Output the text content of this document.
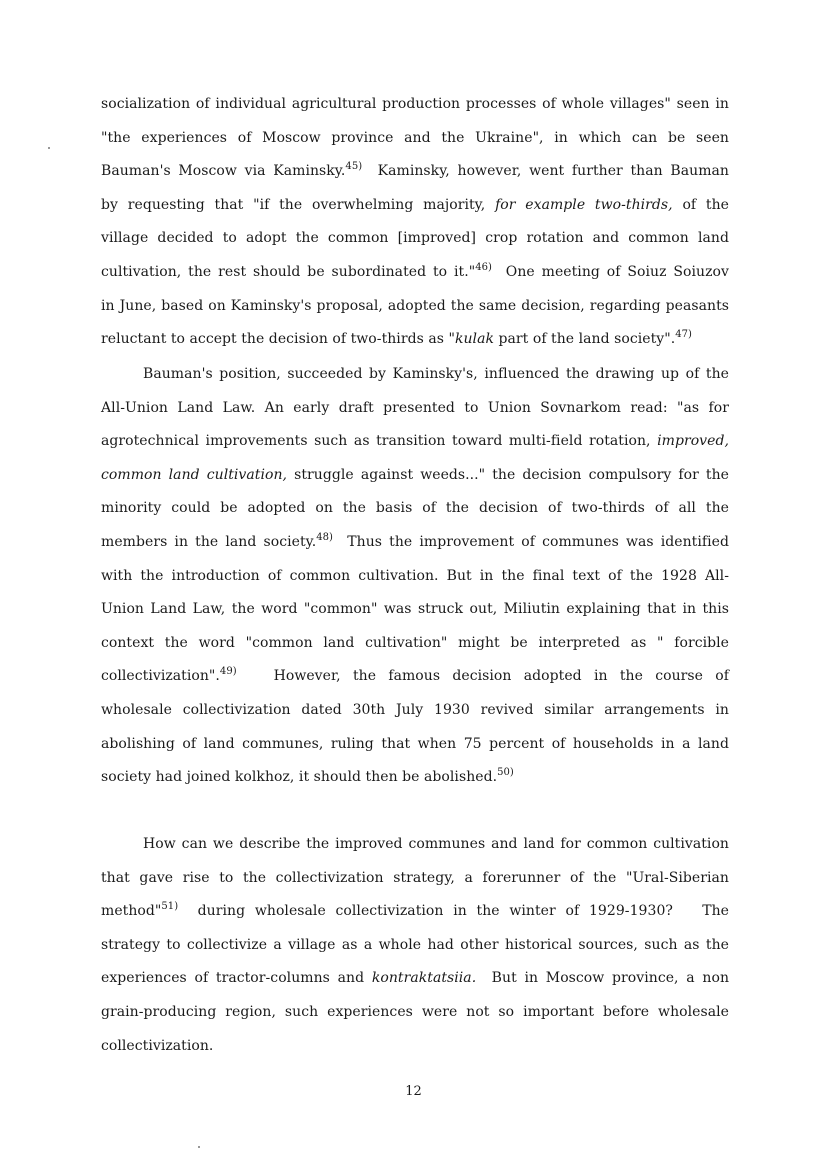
socialization of individual agricultural production processes of whole villages" seen in
"the experiences of Moscow province and the Ukraine", in which can be seen
Bauman's Moscow via Kaminsky.$^{45)}$  Kaminsky, however, went further than Bauman
by requesting that "if the overwhelming majority, for example two-thirds, of the
village decided to adopt the common [improved] crop rotation and common land
cultivation, the rest should be subordinated to it."$^{46)}$  One meeting of Soiuz Soiuzov
in June, based on Kaminsky's proposal, adopted the same decision, regarding peasants
reluctant to accept the decision of two-thirds as "kulak part of the land society".$^{47)}$
Bauman's position, succeeded by Kaminsky's, influenced the drawing up of the
All-Union Land Law. An early draft presented to Union Sovnarkom read: "as for
agrotechnical improvements such as transition toward multi-field rotation, improved,
common land cultivation, struggle against weeds..." the decision compulsory for the
minority could be adopted on the basis of the decision of two-thirds of all the
members in the land society.$^{48)}$  Thus the improvement of communes was identified
with the introduction of common cultivation. But in the final text of the 1928 All-
Union Land Law, the word "common" was struck out, Miliutin explaining that in this
context the word "common land cultivation" might be interpreted as " forcible
collectivization".$^{49)}$   However, the famous decision adopted in the course of
wholesale collectivization dated 30th July 1930 revived similar arrangements in
abolishing of land communes, ruling that when 75 percent of households in a land
society had joined kolkhoz, it should then be abolished.$^{50)}$
How can we describe the improved communes and land for common cultivation
that gave rise to the collectivization strategy, a forerunner of the "Ural-Siberian
method"$^{51)}$  during wholesale collectivization in the winter of 1929-1930?   The
strategy to collectivize a village as a whole had other historical sources, such as the
experiences of tractor-columns and kontraktatsiia.  But in Moscow province, a non
grain-producing region, such experiences were not so important before wholesale
collectivization.
12
